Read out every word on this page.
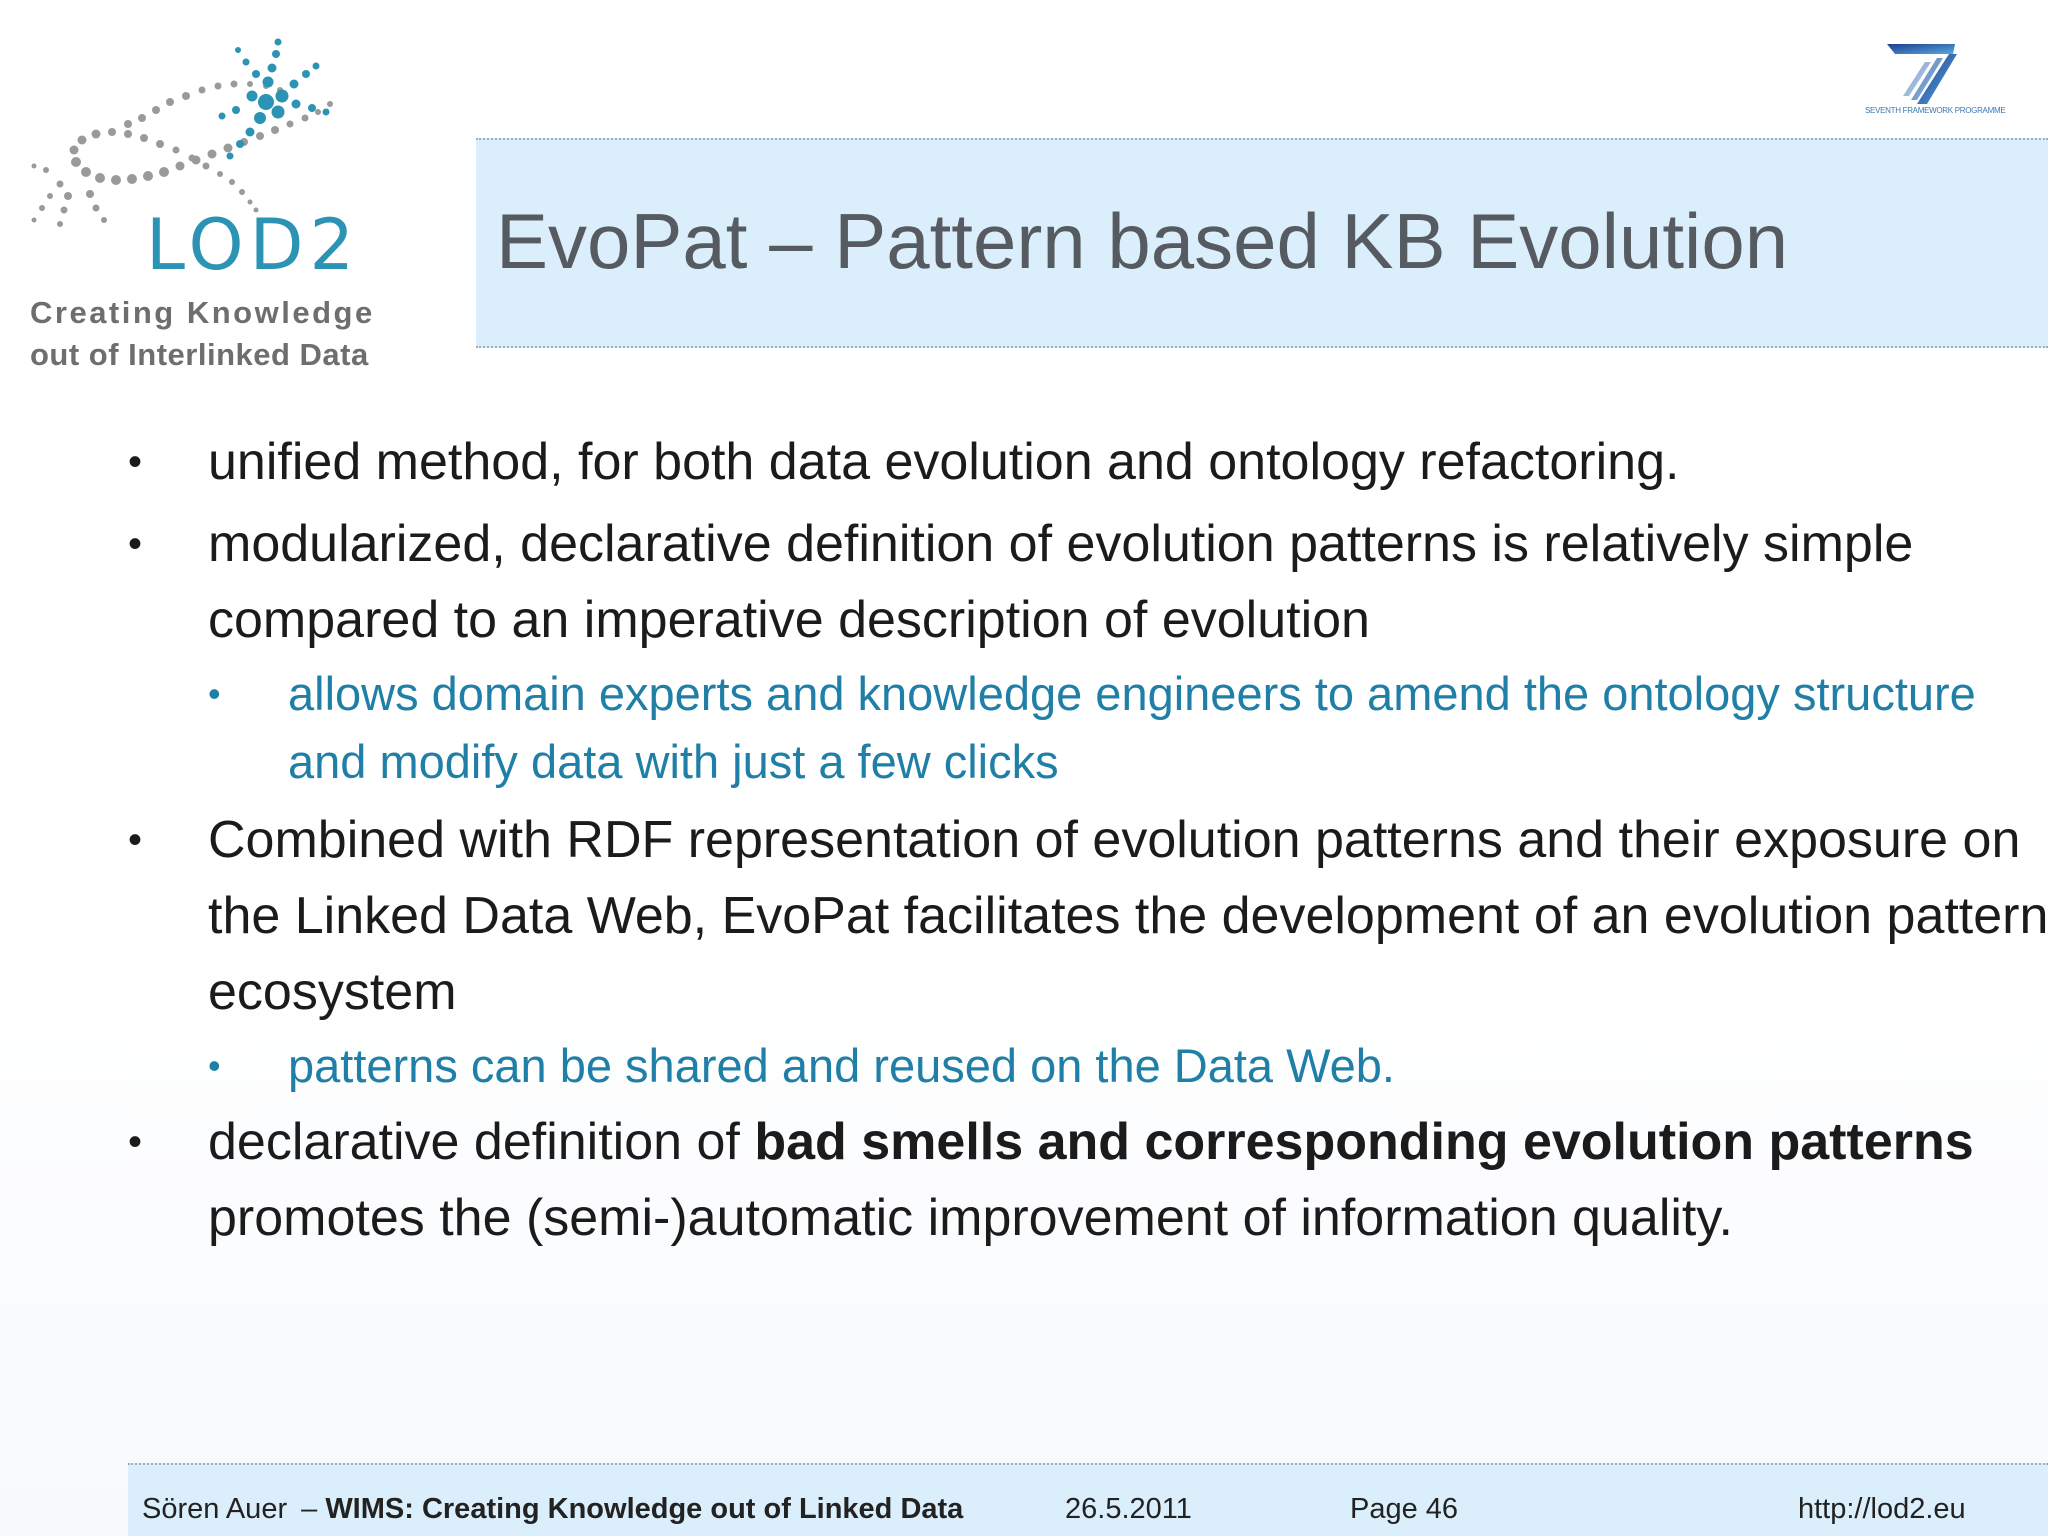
LOD2
Creating Knowledge
out of Interlinked Data
SEVENTH FRAMEWORK PROGRAMME
EvoPat – Pattern based KB Evolution
•	unified method, for both data evolution and ontology refactoring.
•	modularized, declarative definition of evolution patterns is relatively simple compared to an imperative description of evolution
•	allows domain experts and knowledge engineers to amend the ontology structure and modify data with just a few clicks
•	Combined with RDF representation of evolution patterns and their exposure on the Linked Data Web, EvoPat facilitates the development of an evolution pattern ecosystem
•	patterns can be shared and reused on the Data Web.
•	declarative definition of bad smells and corresponding evolution patterns promotes the (semi-)automatic improvement of information quality.
Sören Auer – WIMS: Creating Knowledge out of Linked Data	26.5.2011	Page 46	http://lod2.eu
